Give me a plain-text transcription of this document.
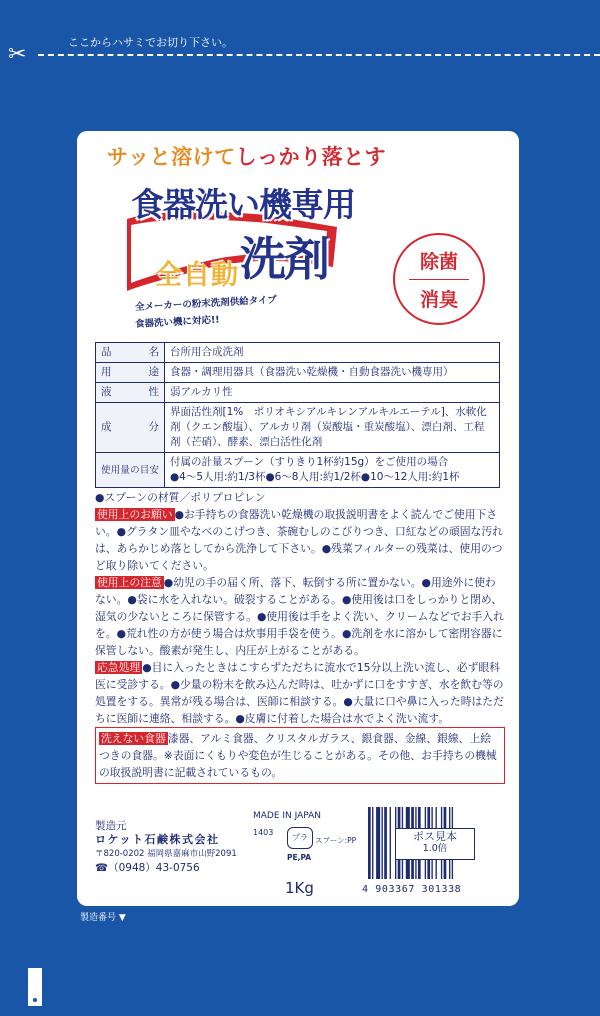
✂	ここからハサミでお切り下さい。
サッと溶けてしっかり落とす
食器洗い機専用
全自動 洗剤
全メーカーの粉末洗剤供給タイプ
食器洗い機に対応!!
除菌
消臭
品名	台所用合成洗剤
用途	食器・調理用器具（食器洗い乾燥機・自動食器洗い機専用）
液性	弱アルカリ性
成分	界面活性剤[1%　ポリオキシアルキレンアルキルエーテル]、水軟化剤（クエン酸塩）、アルカリ剤（炭酸塩・重炭酸塩）、漂白剤、工程剤（芒硝）、酵素、漂白活性化剤
使用量の目安	付属の計量スプーン（すりきり1杯約15g）をご使用の場合
●4～5人用:約1/3杯●6～8人用:約1/2杯●10～12人用:約1杯

●スプーンの材質／ポリプロピレン

使用上のお願い ●お手持ちの食器洗い乾燥機の取扱説明書をよく読んでご使用下さい。●グラタン皿やなべのこげつき、茶碗むしのこびりつき、口紅などの頑固な汚れは、あらかじめ落としてから洗浄して下さい。●残菜フィルターの残菜は、使用のつど取り除いてください。

使用上の注意 ●幼児の手の届く所、落下、転倒する所に置かない。●用途外に使わない。●袋に水を入れない。破裂することがある。●使用後は口をしっかりと閉め、湿気の少ないところに保管する。●使用後は手をよく洗い、クリームなどでお手入れを。●荒れ性の方が使う場合は炊事用手袋を使う。●洗剤を水に溶かして密閉容器に保管しない。酸素が発生し、内圧が上がることがある。

応急処理 ●目に入ったときはこすらずただちに流水で15分以上洗い流し、必ず眼科医に受診する。●少量の粉末を飲み込んだ時は、吐かずに口をすすぎ、水を飲む等の処置をする。異常が残る場合は、医師に相談する。●大量に口や鼻に入った時はただちに医師に連絡、相談する。●皮膚に付着した場合は水でよく洗い流す。

洗えない食器 漆器、アルミ食器、クリスタルガラス、銀食器、金線、銀線、上絵つきの食器。※表面にくもりや変色が生じることがある。その他、お手持ちの機械の取扱説明書に記載されているもの。

製造元
ロケット石鹸株式会社
〒820-0202 福岡県嘉麻市山野2091
☎（0948）43-0756
MADE IN JAPAN
1403
プラ スプーン:PP
PE,PA
1Kg
ポス見本
1.0倍
4 903367 301338
製造番号 ▼
